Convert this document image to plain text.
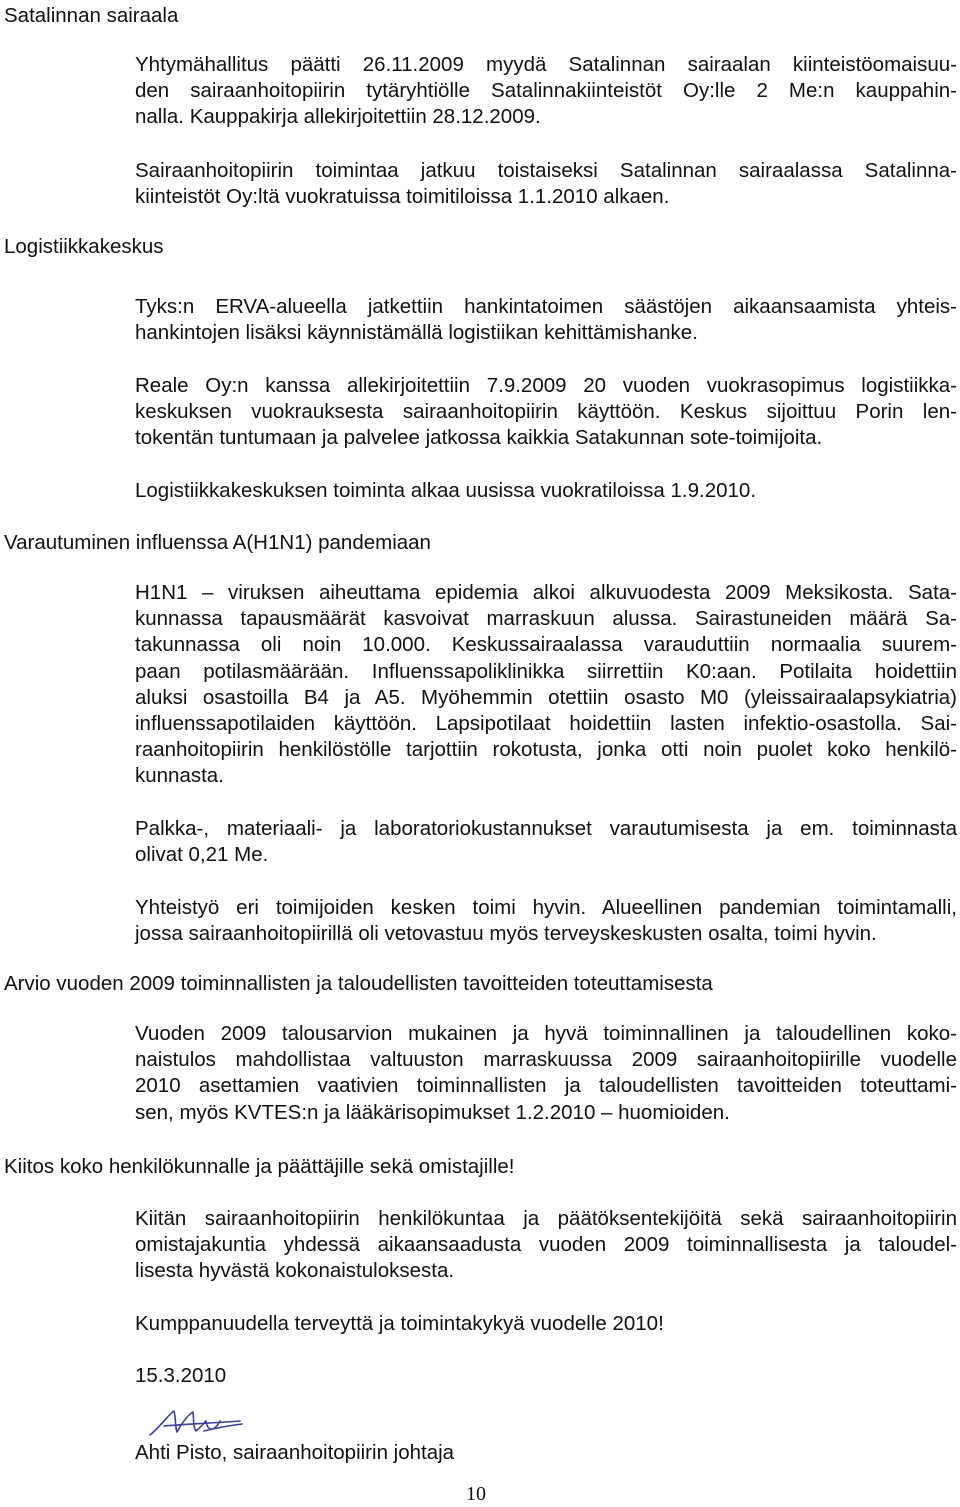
Satalinnan sairaala
Yhtymähallitus päätti 26.11.2009 myydä Satalinnan sairaalan kiinteistöomaisuu-
den sairaanhoitopiirin tytäryhtiölle Satalinnakiinteistöt Oy:lle 2 Me:n kauppahin-
nalla. Kauppakirja allekirjoitettiin 28.12.2009.
Sairaanhoitopiirin toimintaa jatkuu toistaiseksi Satalinnan sairaalassa Satalinna-
kiinteistöt Oy:ltä vuokratuissa toimitiloissa 1.1.2010 alkaen.
Logistiikkakeskus
Tyks:n ERVA-alueella jatkettiin hankintatoimen säästöjen aikaansaamista yhteis-
hankintojen lisäksi käynnistämällä logistiikan kehittämishanke.
Reale Oy:n kanssa allekirjoitettiin 7.9.2009 20 vuoden vuokrasopimus logistiikka-
keskuksen vuokrauksesta sairaanhoitopiirin käyttöön. Keskus sijoittuu Porin len-
tokentän tuntumaan ja palvelee jatkossa kaikkia Satakunnan sote-toimijoita.
Logistiikkakeskuksen toiminta alkaa uusissa vuokratiloissa 1.9.2010.
Varautuminen influenssa A(H1N1) pandemiaan
H1N1 – viruksen aiheuttama epidemia alkoi alkuvuodesta 2009 Meksikosta. Sata-
kunnassa tapausmäärät kasvoivat marraskuun alussa. Sairastuneiden määrä Sa-
takunnassa oli noin 10.000. Keskussairaalassa varauduttiin normaalia suurem-
paan potilasmäärään. Influenssapoliklinikka siirrettiin K0:aan. Potilaita hoidettiin
aluksi osastoilla B4 ja A5. Myöhemmin otettiin osasto M0 (yleissairaalapsykiatria)
influenssapotilaiden käyttöön. Lapsipotilaat hoidettiin lasten infektio-osastolla. Sai-
raanhoitopiirin henkilöstölle tarjottiin rokotusta, jonka otti noin puolet koko henkilö-
kunnasta.
Palkka-, materiaali- ja laboratoriokustannukset varautumisesta ja em. toiminnasta
olivat 0,21 Me.
Yhteistyö eri toimijoiden kesken toimi hyvin. Alueellinen pandemian toimintamalli,
jossa sairaanhoitopiirillä oli vetovastuu myös terveyskeskusten osalta, toimi hyvin.
Arvio vuoden 2009 toiminnallisten ja taloudellisten tavoitteiden toteuttamisesta
Vuoden 2009 talousarvion mukainen ja hyvä toiminnallinen ja taloudellinen koko-
naistulos mahdollistaa valtuuston marraskuussa 2009 sairaanhoitopiirille vuodelle
2010 asettamien vaativien toiminnallisten ja taloudellisten tavoitteiden toteuttami-
sen, myös KVTES:n ja lääkärisopimukset 1.2.2010 – huomioiden.
Kiitos koko henkilökunnalle ja päättäjille sekä omistajille!
Kiitän sairaanhoitopiirin henkilökuntaa ja päätöksentekijöitä sekä sairaanhoitopiirin
omistajakuntia yhdessä aikaansaadusta vuoden 2009 toiminnallisesta ja taloudel-
lisesta hyvästä kokonaistuloksesta.
Kumppanuudella terveyttä ja toimintakykyä vuodelle 2010!
15.3.2010
Ahti Pisto, sairaanhoitopiirin johtaja

10
